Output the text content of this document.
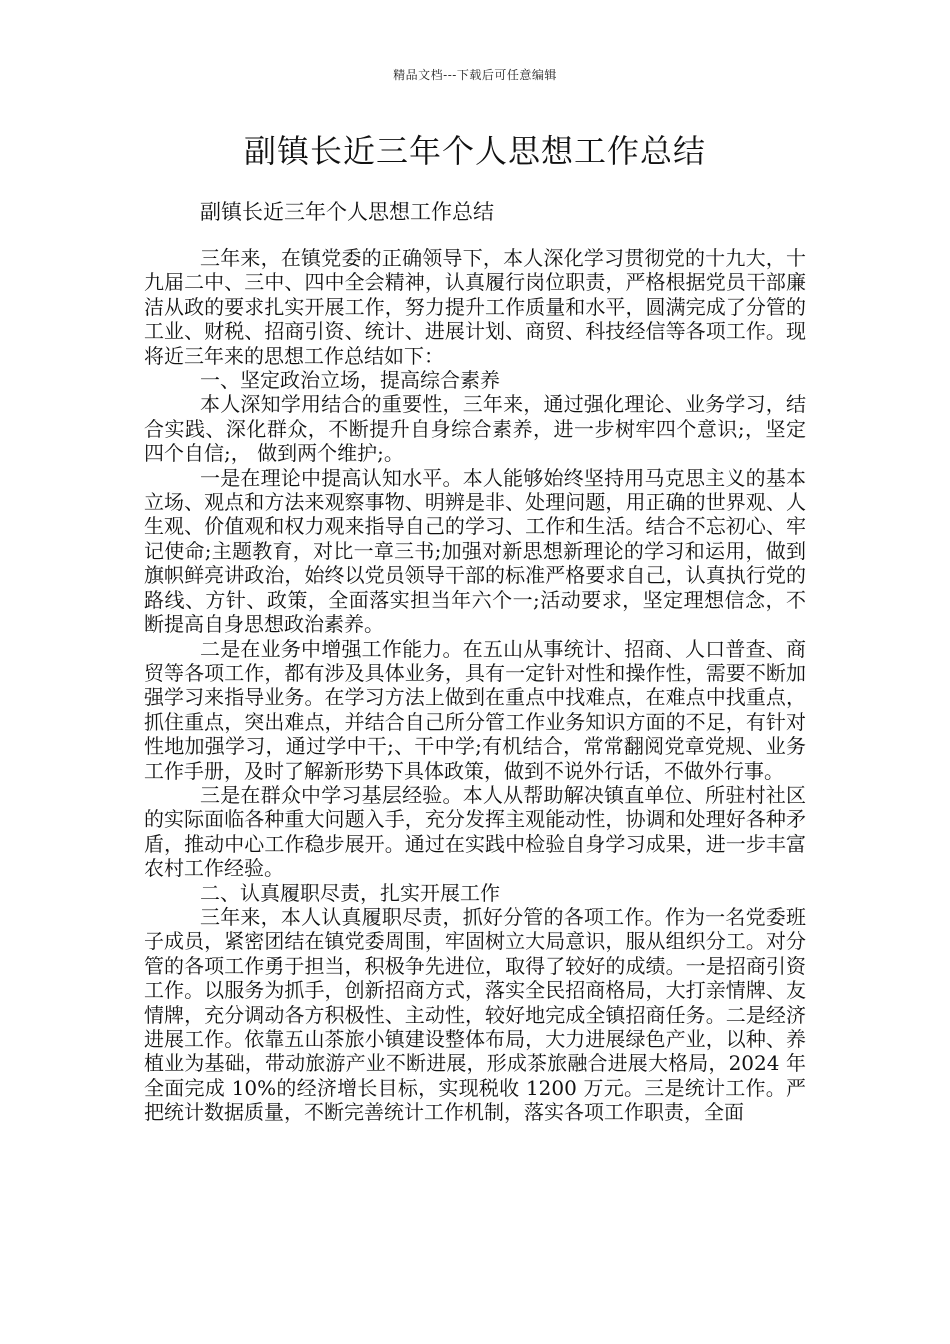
精品文档---下载后可任意编辑
副镇长近三年个人思想工作总结
副镇长近三年个人思想工作总结

三年来，在镇党委的正确领导下，本人深化学习贯彻党的十九大，十九届二中、三中、四中全会精神，认真履行岗位职责，严格根据党员干部廉洁从政的要求扎实开展工作，努力提升工作质量和水平，圆满完成了分管的工业、财税、招商引资、统计、进展计划、商贸、科技经信等各项工作。现将近三年来的思想工作总结如下：

一、坚定政治立场，提高综合素养

本人深知学用结合的重要性，三年来，通过强化理论、业务学习，结合实践、深化群众，不断提升自身综合素养，进一步树牢四个意识;，坚定四个自信;， 做到两个维护;。

一是在理论中提高认知水平。本人能够始终坚持用马克思主义的基本立场、观点和方法来观察事物、明辨是非、处理问题，用正确的世界观、人生观、价值观和权力观来指导自己的学习、工作和生活。结合不忘初心、牢记使命;主题教育，对比一章三书;加强对新思想新理论的学习和运用，做到旗帜鲜亮讲政治，始终以党员领导干部的标准严格要求自己，认真执行党的路线、方针、政策，全面落实担当年六个一;活动要求，坚定理想信念，不断提高自身思想政治素养。

二是在业务中增强工作能力。在五山从事统计、招商、人口普查、商贸等各项工作，都有涉及具体业务，具有一定针对性和操作性，需要不断加强学习来指导业务。在学习方法上做到在重点中找难点，在难点中找重点，抓住重点，突出难点，并结合自己所分管工作业务知识方面的不足，有针对性地加强学习，通过学中干;、干中学;有机结合，常常翻阅党章党规、业务工作手册，及时了解新形势下具体政策，做到不说外行话，不做外行事。

三是在群众中学习基层经验。本人从帮助解决镇直单位、所驻村社区的实际面临各种重大问题入手，充分发挥主观能动性，协调和处理好各种矛盾，推动中心工作稳步展开。通过在实践中检验自身学习成果，进一步丰富农村工作经验。

二、认真履职尽责，扎实开展工作

三年来，本人认真履职尽责，抓好分管的各项工作。作为一名党委班子成员，紧密团结在镇党委周围，牢固树立大局意识，服从组织分工。对分管的各项工作勇于担当，积极争先进位，取得了较好的成绩。一是招商引资工作。以服务为抓手，创新招商方式，落实全民招商格局，大打亲情牌、友情牌，充分调动各方积极性、主动性，较好地完成全镇招商任务。二是经济进展工作。依靠五山茶旅小镇建设整体布局，大力进展绿色产业，以种、养植业为基础，带动旅游产业不断进展，形成茶旅融合进展大格局，2024 年全面完成 10%的经济增长目标，实现税收 1200 万元。三是统计工作。严把统计数据质量，不断完善统计工作机制，落实各项工作职责，全面
